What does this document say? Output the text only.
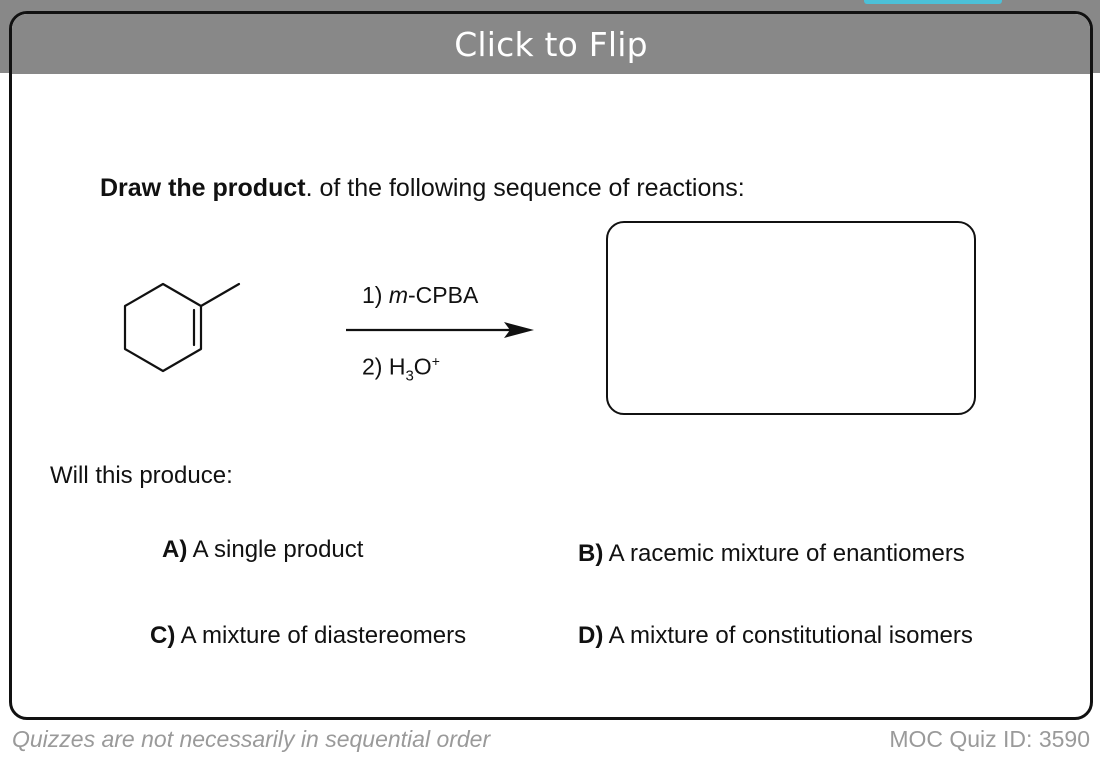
Click to Flip
Draw the product. of the following sequence of reactions:
1) m-CPBA
2) $H_3O^+$
Will this produce:
A) A single product	B) A racemic mixture of enantiomers
C) A mixture of diastereomers	D) A mixture of constitutional isomers
Quizzes are not necessarily in sequential order	MOC Quiz ID: 3590
